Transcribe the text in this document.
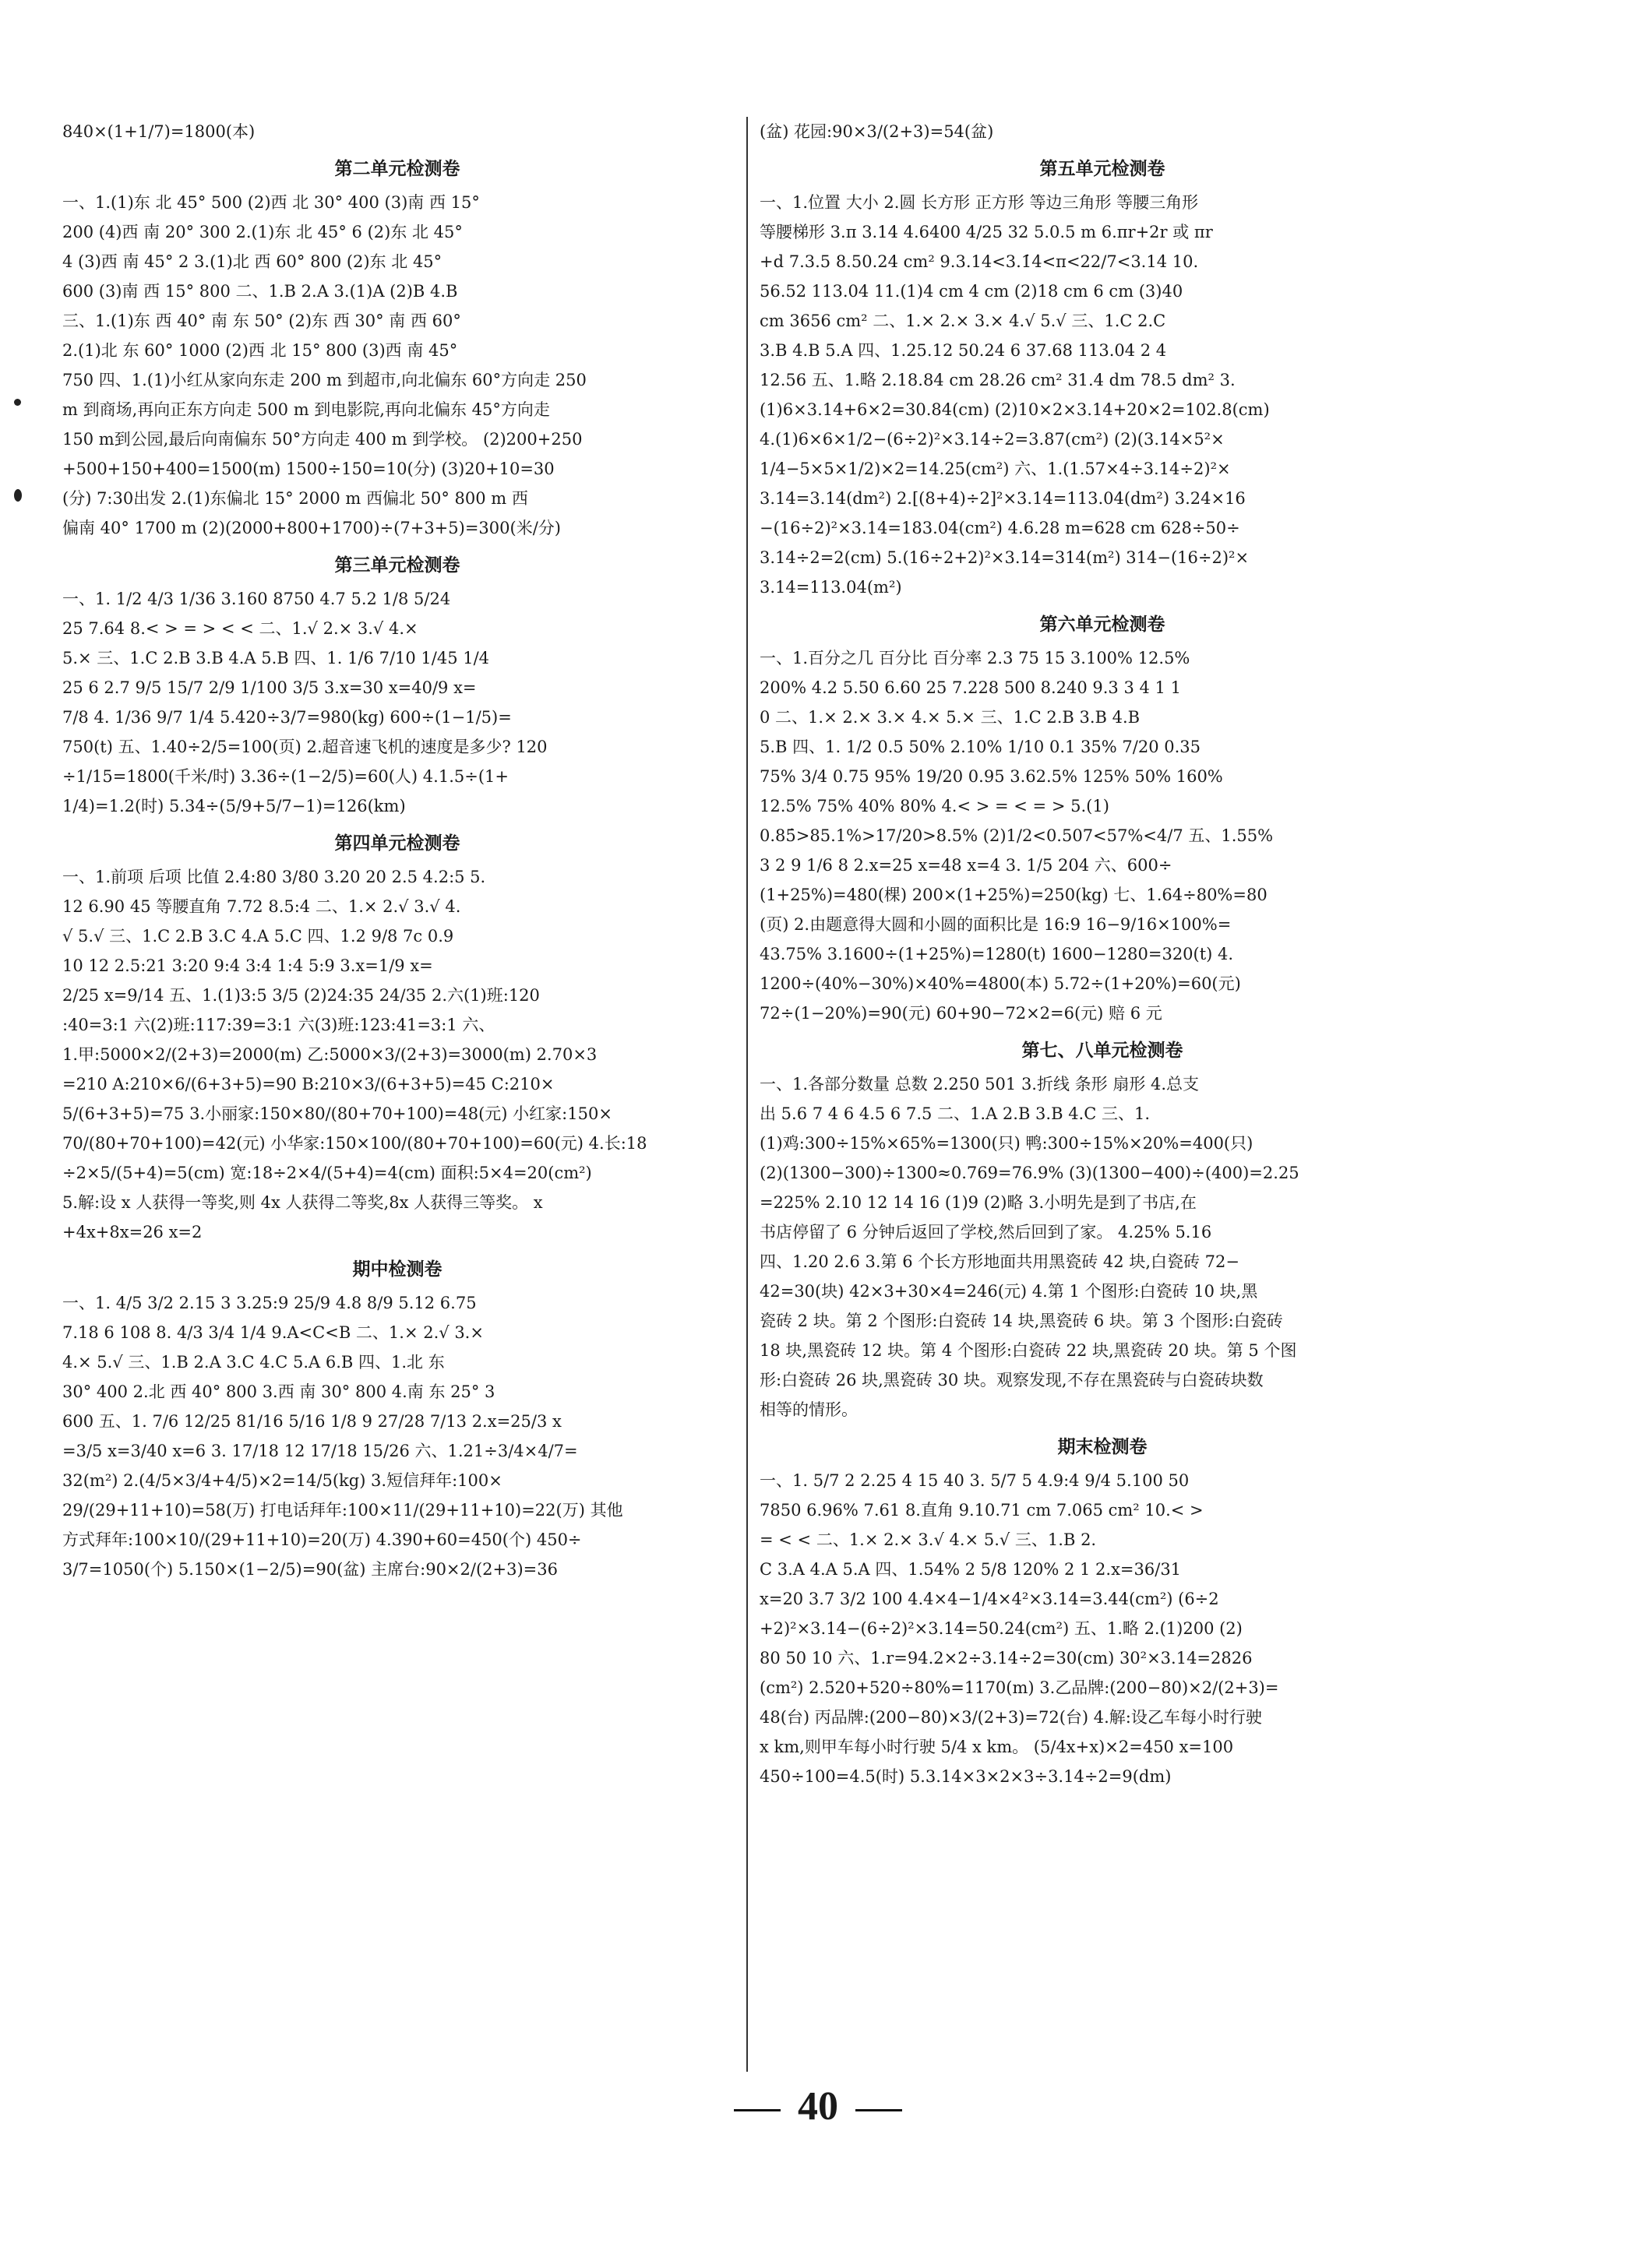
840×(1+1/7)=1800(本)
第二单元检测卷
一、1.(1)东 北 45° 500 (2)西 北 30° 400 (3)南 西 15°
200 (4)西 南 20° 300 2.(1)东 北 45° 6 (2)东 北 45°
4 (3)西 南 45° 2 3.(1)北 西 60° 800 (2)东 北 45°
600 (3)南 西 15° 800 二、1.B 2.A 3.(1)A (2)B 4.B
三、1.(1)东 西 40° 南 东 50° (2)东 西 30° 南 西 60°
2.(1)北 东 60° 1000 (2)西 北 15° 800 (3)西 南 45°
750 四、1.(1)小红从家向东走 200 m 到超市,向北偏东 60°方向走 250
m 到商场,再向正东方向走 500 m 到电影院,再向北偏东 45°方向走
150 m到公园,最后向南偏东 50°方向走 400 m 到学校。 (2)200+250
+500+150+400=1500(m) 1500÷150=10(分) (3)20+10=30
(分) 7:30出发 2.(1)东偏北 15° 2000 m 西偏北 50° 800 m 西
偏南 40° 1700 m (2)(2000+800+1700)÷(7+3+5)=300(米/分)
第三单元检测卷
一、1. 1/2 4/3 1/36 3.160 8750 4.7 5.2 1/8 5/24
25 7.64 8.< > = > < < 二、1.√ 2.× 3.√ 4.×
5.× 三、1.C 2.B 3.B 4.A 5.B 四、1. 1/6 7/10 1/45 1/4
25 6 2.7 9/5 15/7 2/9 1/100 3/5 3.x=30 x=40/9 x=
7/8 4. 1/36 9/7 1/4 5.420÷3/7=980(kg) 600÷(1−1/5)=
750(t) 五、1.40÷2/5=100(页) 2.超音速飞机的速度是多少? 120
÷1/15=1800(千米/时) 3.36÷(1−2/5)=60(人) 4.1.5÷(1+
1/4)=1.2(时) 5.34÷(5/9+5/7−1)=126(km)
第四单元检测卷
一、1.前项 后项 比值 2.4:80 3/80 3.20 20 2.5 4.2:5 5.
12 6.90 45 等腰直角 7.72 8.5:4 二、1.× 2.√ 3.√ 4.
√ 5.√ 三、1.C 2.B 3.C 4.A 5.C 四、1.2 9/8 7c 0.9
10 12 2.5:21 3:20 9:4 3:4 1:4 5:9 3.x=1/9 x=
2/25 x=9/14 五、1.(1)3:5 3/5 (2)24:35 24/35 2.六(1)班:120
:40=3:1 六(2)班:117:39=3:1 六(3)班:123:41=3:1 六、
1.甲:5000×2/(2+3)=2000(m) 乙:5000×3/(2+3)=3000(m) 2.70×3
=210 A:210×6/(6+3+5)=90 B:210×3/(6+3+5)=45 C:210×
5/(6+3+5)=75 3.小丽家:150×80/(80+70+100)=48(元) 小红家:150×
70/(80+70+100)=42(元) 小华家:150×100/(80+70+100)=60(元) 4.长:18
÷2×5/(5+4)=5(cm) 宽:18÷2×4/(5+4)=4(cm) 面积:5×4=20(cm²)
5.解:设 x 人获得一等奖,则 4x 人获得二等奖,8x 人获得三等奖。 x
+4x+8x=26 x=2
期中检测卷
一、1. 4/5 3/2 2.15 3 3.25:9 25/9 4.8 8/9 5.12 6.75
7.18 6 108 8. 4/3 3/4 1/4 9.A<C<B 二、1.× 2.√ 3.×
4.× 5.√ 三、1.B 2.A 3.C 4.C 5.A 6.B 四、1.北 东
30° 400 2.北 西 40° 800 3.西 南 30° 800 4.南 东 25° 3
600 五、1. 7/6 12/25 81/16 5/16 1/8 9 27/28 7/13 2.x=25/3 x
=3/5 x=3/40 x=6 3. 17/18 12 17/18 15/26 六、1.21÷3/4×4/7=
32(m²) 2.(4/5×3/4+4/5)×2=14/5(kg) 3.短信拜年:100×
29/(29+11+10)=58(万) 打电话拜年:100×11/(29+11+10)=22(万) 其他
方式拜年:100×10/(29+11+10)=20(万) 4.390+60=450(个) 450÷
3/7=1050(个) 5.150×(1−2/5)=90(盆) 主席台:90×2/(2+3)=36
(盆) 花园:90×3/(2+3)=54(盆)
第五单元检测卷
一、1.位置 大小 2.圆 长方形 正方形 等边三角形 等腰三角形
等腰梯形 3.π 3.14 4.6400 4/25 32 5.0.5 m 6.πr+2r 或 πr
+d 7.3.5 8.50.24 cm² 9.3.14<3.1̇4̇<π<22/7<3.14̇ 10.
56.52 113.04 11.(1)4 cm 4 cm (2)18 cm 6 cm (3)40
cm 3656 cm² 二、1.× 2.× 3.× 4.√ 5.√ 三、1.C 2.C
3.B 4.B 5.A 四、1.25.12 50.24 6 37.68 113.04 2 4
12.56 五、1.略 2.18.84 cm 28.26 cm² 31.4 dm 78.5 dm² 3.
(1)6×3.14+6×2=30.84(cm) (2)10×2×3.14+20×2=102.8(cm)
4.(1)6×6×1/2−(6÷2)²×3.14÷2=3.87(cm²) (2)(3.14×5²×
1/4−5×5×1/2)×2=14.25(cm²) 六、1.(1.57×4÷3.14÷2)²×
3.14=3.14(dm²) 2.[(8+4)÷2]²×3.14=113.04(dm²) 3.24×16
−(16÷2)²×3.14=183.04(cm²) 4.6.28 m=628 cm 628÷50÷
3.14÷2=2(cm) 5.(16÷2+2)²×3.14=314(m²) 314−(16÷2)²×
3.14=113.04(m²)
第六单元检测卷
一、1.百分之几 百分比 百分率 2.3 75 15 3.100% 12.5%
200% 4.2 5.50 6.60 25 7.228 500 8.240 9.3 3 4 1 1
0 二、1.× 2.× 3.× 4.× 5.× 三、1.C 2.B 3.B 4.B
5.B 四、1. 1/2 0.5 50% 2.10% 1/10 0.1 35% 7/20 0.35
75% 3/4 0.75 95% 19/20 0.95 3.62.5% 125% 50% 160%
12.5% 75% 40% 80% 4.< > = < = > 5.(1)
0.85̇>85.1%>17/20>8.5% (2)1/2<0.507<57%<4/7 五、1.55%
3 2 9 1/6 8 2.x=25 x=48 x=4 3. 1/5 204 六、600÷
(1+25%)=480(棵) 200×(1+25%)=250(kg) 七、1.64÷80%=80
(页) 2.由题意得大圆和小圆的面积比是 16:9 16−9/16×100%=
43.75% 3.1600÷(1+25%)=1280(t) 1600−1280=320(t) 4.
1200÷(40%−30%)×40%=4800(本) 5.72÷(1+20%)=60(元)
72÷(1−20%)=90(元) 60+90−72×2=6(元) 赔 6 元
第七、八单元检测卷
一、1.各部分数量 总数 2.250 501 3.折线 条形 扇形 4.总支
出 5.6 7 4 6 4.5 6 7.5 二、1.A 2.B 3.B 4.C 三、1.
(1)鸡:300÷15%×65%=1300(只) 鸭:300÷15%×20%=400(只)
(2)(1300−300)÷1300≈0.769=76.9% (3)(1300−400)÷(400)=2.25
=225% 2.10 12 14 16 (1)9 (2)略 3.小明先是到了书店,在
书店停留了 6 分钟后返回了学校,然后回到了家。 4.25% 5.16
四、1.20 2.6 3.第 6 个长方形地面共用黑瓷砖 42 块,白瓷砖 72−
42=30(块) 42×3+30×4=246(元) 4.第 1 个图形:白瓷砖 10 块,黑
瓷砖 2 块。第 2 个图形:白瓷砖 14 块,黑瓷砖 6 块。第 3 个图形:白瓷砖
18 块,黑瓷砖 12 块。第 4 个图形:白瓷砖 22 块,黑瓷砖 20 块。第 5 个图
形:白瓷砖 26 块,黑瓷砖 30 块。观察发现,不存在黑瓷砖与白瓷砖块数
相等的情形。
期末检测卷
一、1. 5/7 2 2.25 4 15 40 3. 5/7 5 4.9:4 9/4 5.100 50
7850 6.96% 7.61 8.直角 9.10.71 cm 7.065 cm² 10.< >
= < < 二、1.× 2.× 3.√ 4.× 5.√ 三、1.B 2.
C 3.A 4.A 5.A 四、1.54% 2 5/8 120% 2 1 2.x=36/31
x=20 3.7 3/2 100 4.4×4−1/4×4²×3.14=3.44(cm²) (6÷2
+2)²×3.14−(6÷2)²×3.14=50.24(cm²) 五、1.略 2.(1)200 (2)
80 50 10 六、1.r=94.2×2÷3.14÷2=30(cm) 30²×3.14=2826
(cm²) 2.520+520÷80%=1170(m) 3.乙品牌:(200−80)×2/(2+3)=
48(台) 丙品牌:(200−80)×3/(2+3)=72(台) 4.解:设乙车每小时行驶
x km,则甲车每小时行驶 5/4 x km。 (5/4x+x)×2=450 x=100
450÷100=4.5(时) 5.3.14×3×2×3÷3.14÷2=9(dm)
40
